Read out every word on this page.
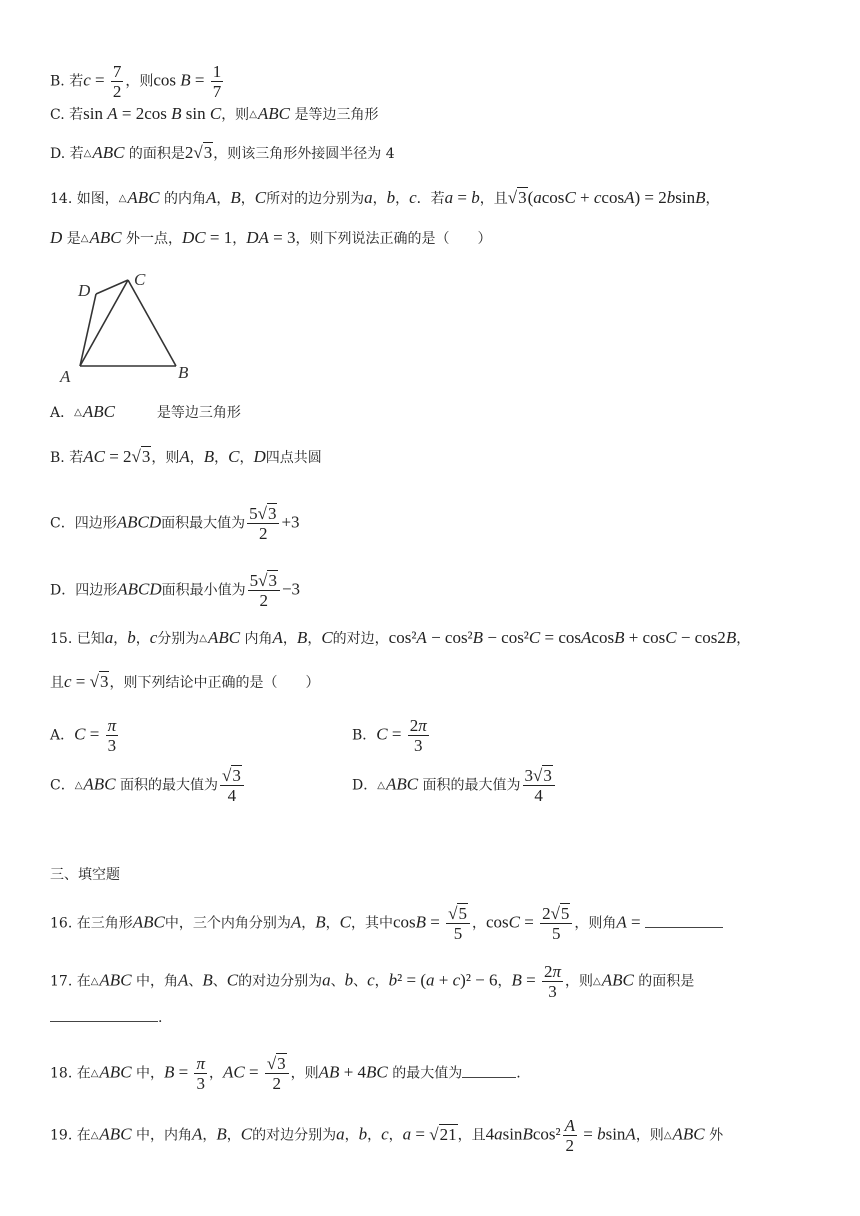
B. 若$c = \frac{7}{2}$ ，则$\cos B = \frac{1}{7}$
C. 若sin A = 2cos B sin C，则△ABC 是等边三角形
D. 若△ABC 的面积是2√3，则该三角形外接圆半径为 4
14. 如图，△ABC 的内角A，B，C所对的边分别为a，b，c．若a = b，且√3(acosC + ccosA) = 2bsinB，
D 是△ABC 外一点，DC = 1，DA = 3，则下列说法正确的是（　　）
A	B
C
D
A．△ABC　　　是等边三角形
B. 若AC = 2√3，则A，B，C，D四点共圆
C．四边形ABCD面积最大值为 $\frac{5√3}{2} +3$
D．四边形ABCD面积最小值为 $\frac{5√3}{2} -3$
15. 已知a，b，c分别为△ABC 内角A，B，C的对边，cos²A − cos²B − cos²C = cosAcosB + cosC − cos2B，
且c = √3，则下列结论中正确的是（　　）
A．$C = \frac{\pi}{3}$	B．$C = \frac{2\pi}{3}$
C．△ABC 面积的最大值为 $\frac{√3}{4}$	D．△ABC 面积的最大值为 $\frac{3√3}{4}$
三、填空题
16. 在三角形ABC中，三个内角分别为A，B，C，其中$\cos B = \frac{√5}{5}$ ，$\cos C = \frac{2√5}{5}$ ，则角A =
17. 在△ABC 中，角A、B、C的对边分别为a、b、c，b² = (a + c)² − 6，$B = \frac{2\pi}{3}$ ，则△ABC 的面积是
.
18. 在△ABC 中，$B = \frac{\pi}{3}$ ，AC = $\frac{√3}{2}$ ，则AB + 4BC 的最大值为	.
19. 在△ABC 中，内角A，B，C的对边分别为a，b，c，a = √21，且4asinBcos² $\frac{A}{2} = bsinA$，则△ABC 外
